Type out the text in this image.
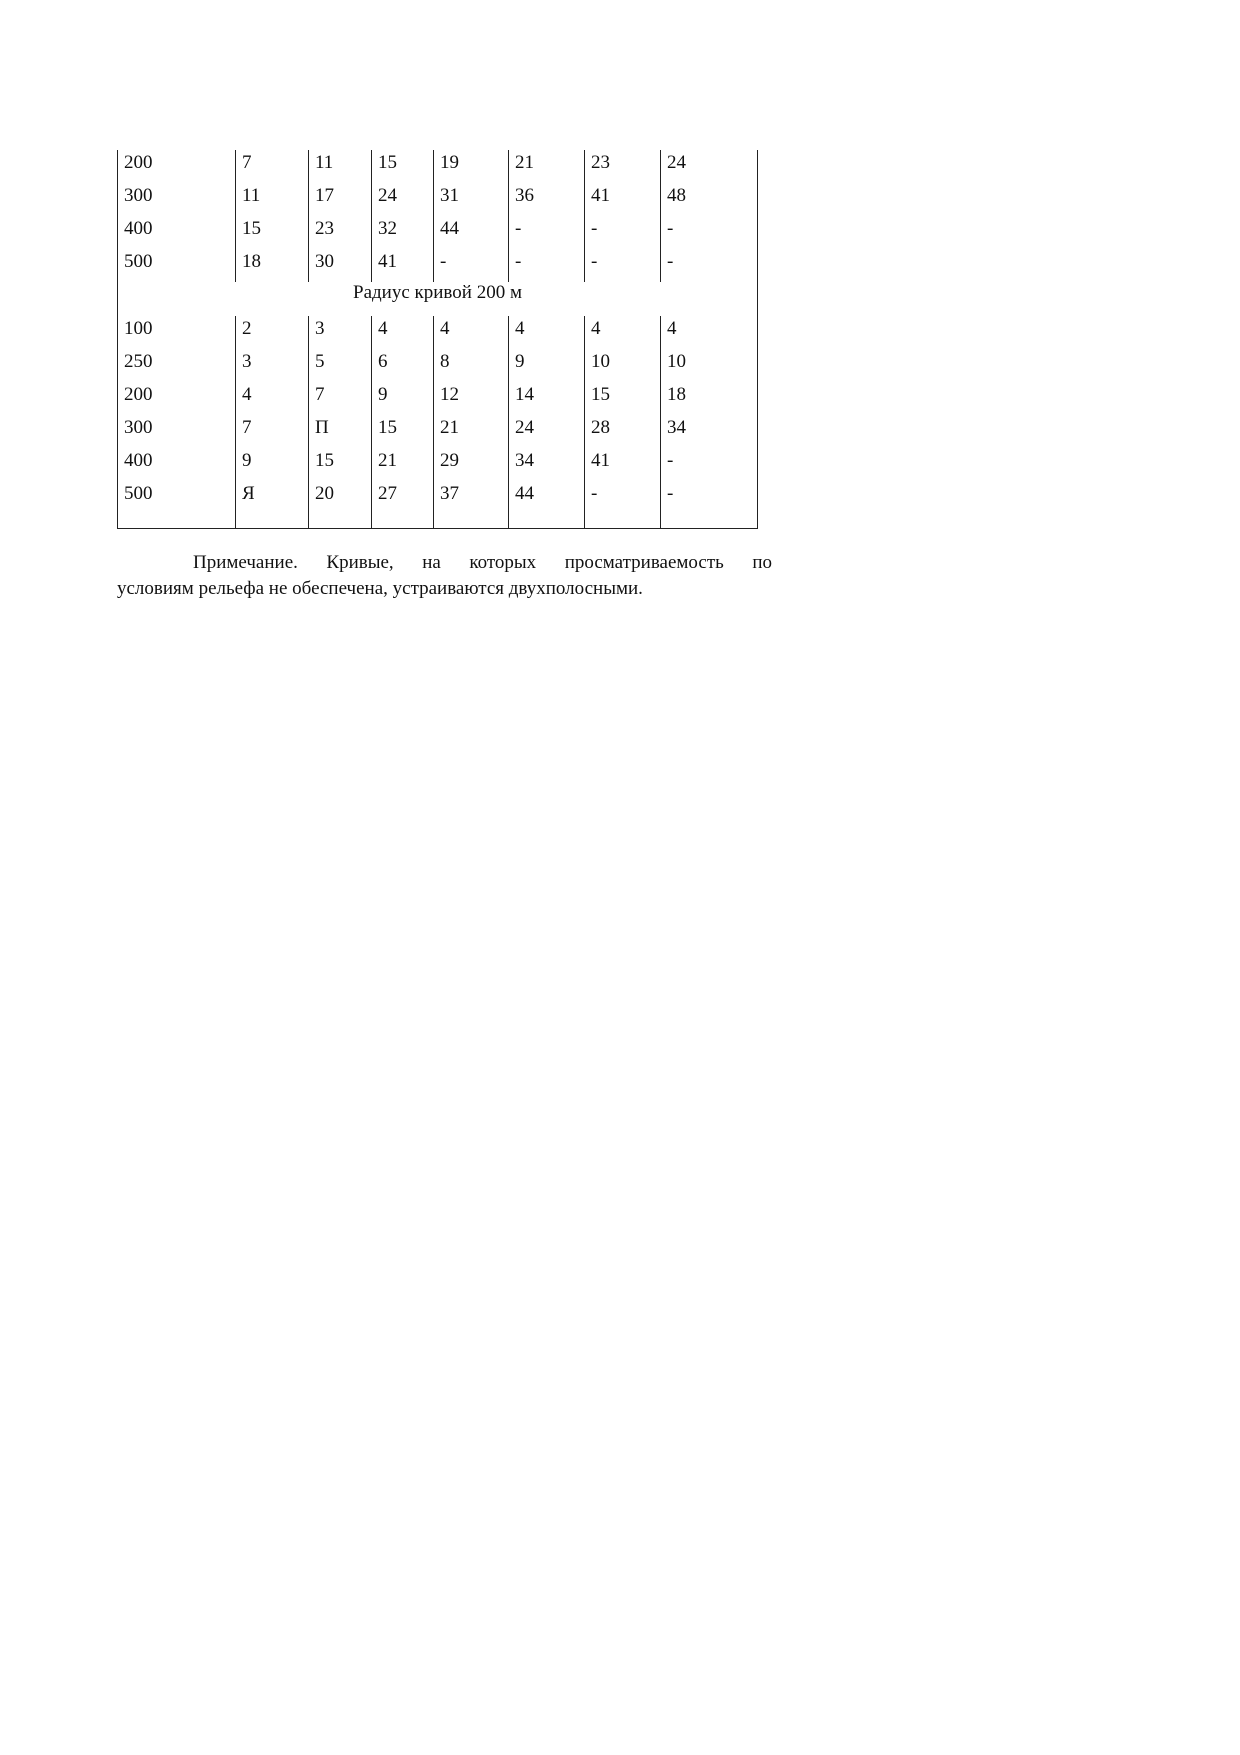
200	7	11	15	19	21	23	24
300	11	17	24	31	36	41	48
400	15	23	32	44	-	-	-
500	18	30	41	-	-	-	-
Радиус кривой 200 м							
100	2	3	4	4	4	4	4
250	3	5	6	8	9	10	10
200	4	7	9	12	14	15	18
300	7	П	15	21	24	28	34
400	9	15	21	29	34	41	-
500	Я	20	27	37	44	-	-

Примечание. Кривые, на которых просматриваемость по
условиям рельефа не обеспечена, устраиваются двухполосными.
